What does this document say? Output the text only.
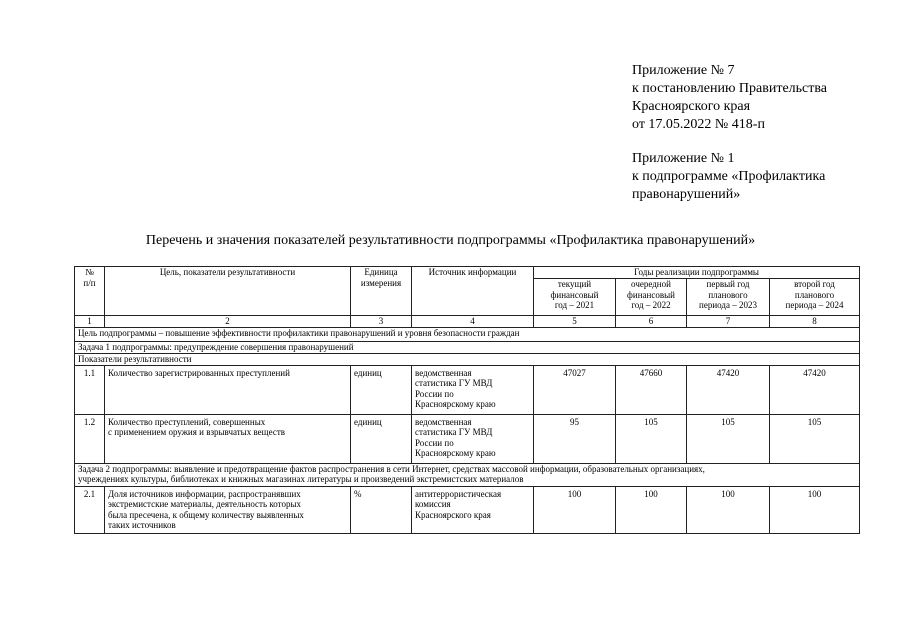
Приложение № 7
к постановлению Правительства
Красноярского края
от 17.05.2022 № 418-п
Приложение № 1
к подпрограмме «Профилактика
правонарушений»
Перечень и значения показателей результативности подпрограммы «Профилактика правонарушений»
№
п/п	Цель, показатели результативности	Единица
измерения	Источник информации	Годы реализации подпрограммы			
				текущий
финансовый
год – 2021	очередной
финансовый
год – 2022	первый год
планового
периода – 2023	второй год
планового
периода – 2024
1	2	3	4	5	6	7	8
Цель подпрограммы – повышение эффективности профилактики правонарушений и уровня безопасности граждан							
Задача 1 подпрограммы: предупреждение совершения правонарушений							
Показатели результативности							
1.1	Количество зарегистрированных преступлений	единиц	ведомственная
статистика ГУ МВД
России по
Красноярскому краю	47027	47660	47420	47420
1.2	Количество преступлений, совершенных
с применением оружия и взрывчатых веществ	единиц	ведомственная
статистика ГУ МВД
России по
Красноярскому краю	95	105	105	105
Задача 2 подпрограммы: выявление и предотвращение фактов распространения в сети Интернет, средствах массовой информации, образовательных организациях,
учреждениях культуры, библиотеках и книжных магазинах литературы и произведений экстремистских материалов							
2.1	Доля источников информации, распространявших
экстремистские материалы, деятельность которых
была пресечена, к общему количеству выявленных
таких источников	%	антитеррористическая
комиссия
Красноярского края	100	100	100	100
